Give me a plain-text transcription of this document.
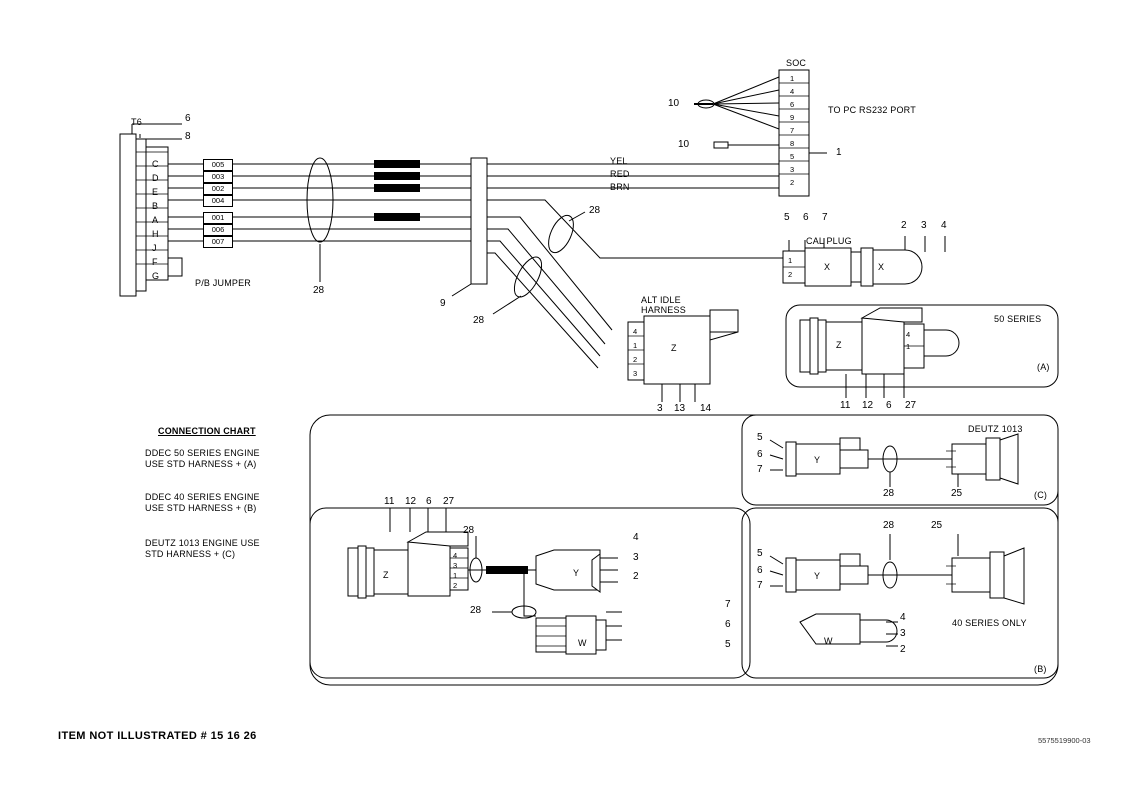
T6	6
8
C
D
E
B
A
H
J
F
G
005
003
002
004
001
006
007
P/B JUMPER
28
9
28
28
SOC
1
4
6
9
7
8
5
3
2
10
10
1
TO PC RS232 PORT
YEL
RED
BRN
CAL PLUG
5 6 7
1
2
X	X
2 3 4
ALT IDLE
HARNESS
4
1
2
3
Z
3 13 14
50 SERIES
(A)
Z
4
1
11 12 6 27
CONNECTION CHART
DDEC 50 SERIES ENGINE
USE STD HARNESS + (A)
DDEC 40 SERIES ENGINE
USE STD HARNESS + (B)
DEUTZ 1013 ENGINE USE
STD HARNESS + (C)
DEUTZ 1013
(C)
5
6
7
Y
28	25
40 SERIES ONLY
(B)
5
6
7
Y
W
28	25
4
3
2
11 12 6 27
Z
4
3
1
2
28
28
Y
W
4
3
2
7
6
5
ITEM NOT ILLUSTRATED # 15 16 26	5575519900-03
